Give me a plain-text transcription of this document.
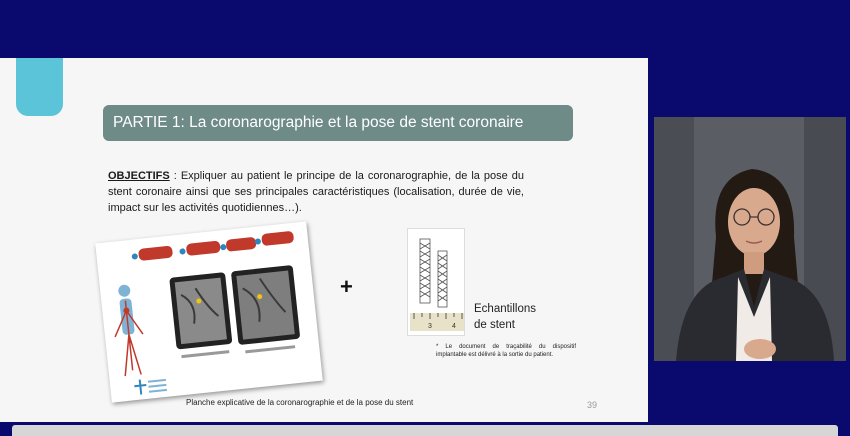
PARTIE 1: La coronarographie et la pose de stent coronaire
OBJECTIFS : Expliquer au patient le principe de la coronarographie, de la pose du stent coronaire ainsi que ses principales caractéristiques (localisation, durée de vie, impact sur les activités quotidiennes…).
+
3	4
Echantillons
de stent
* Le document de traçabilité du dispositif implantable est délivré à la sortie du patient.
Planche explicative de la coronarographie et de la pose du stent	39
